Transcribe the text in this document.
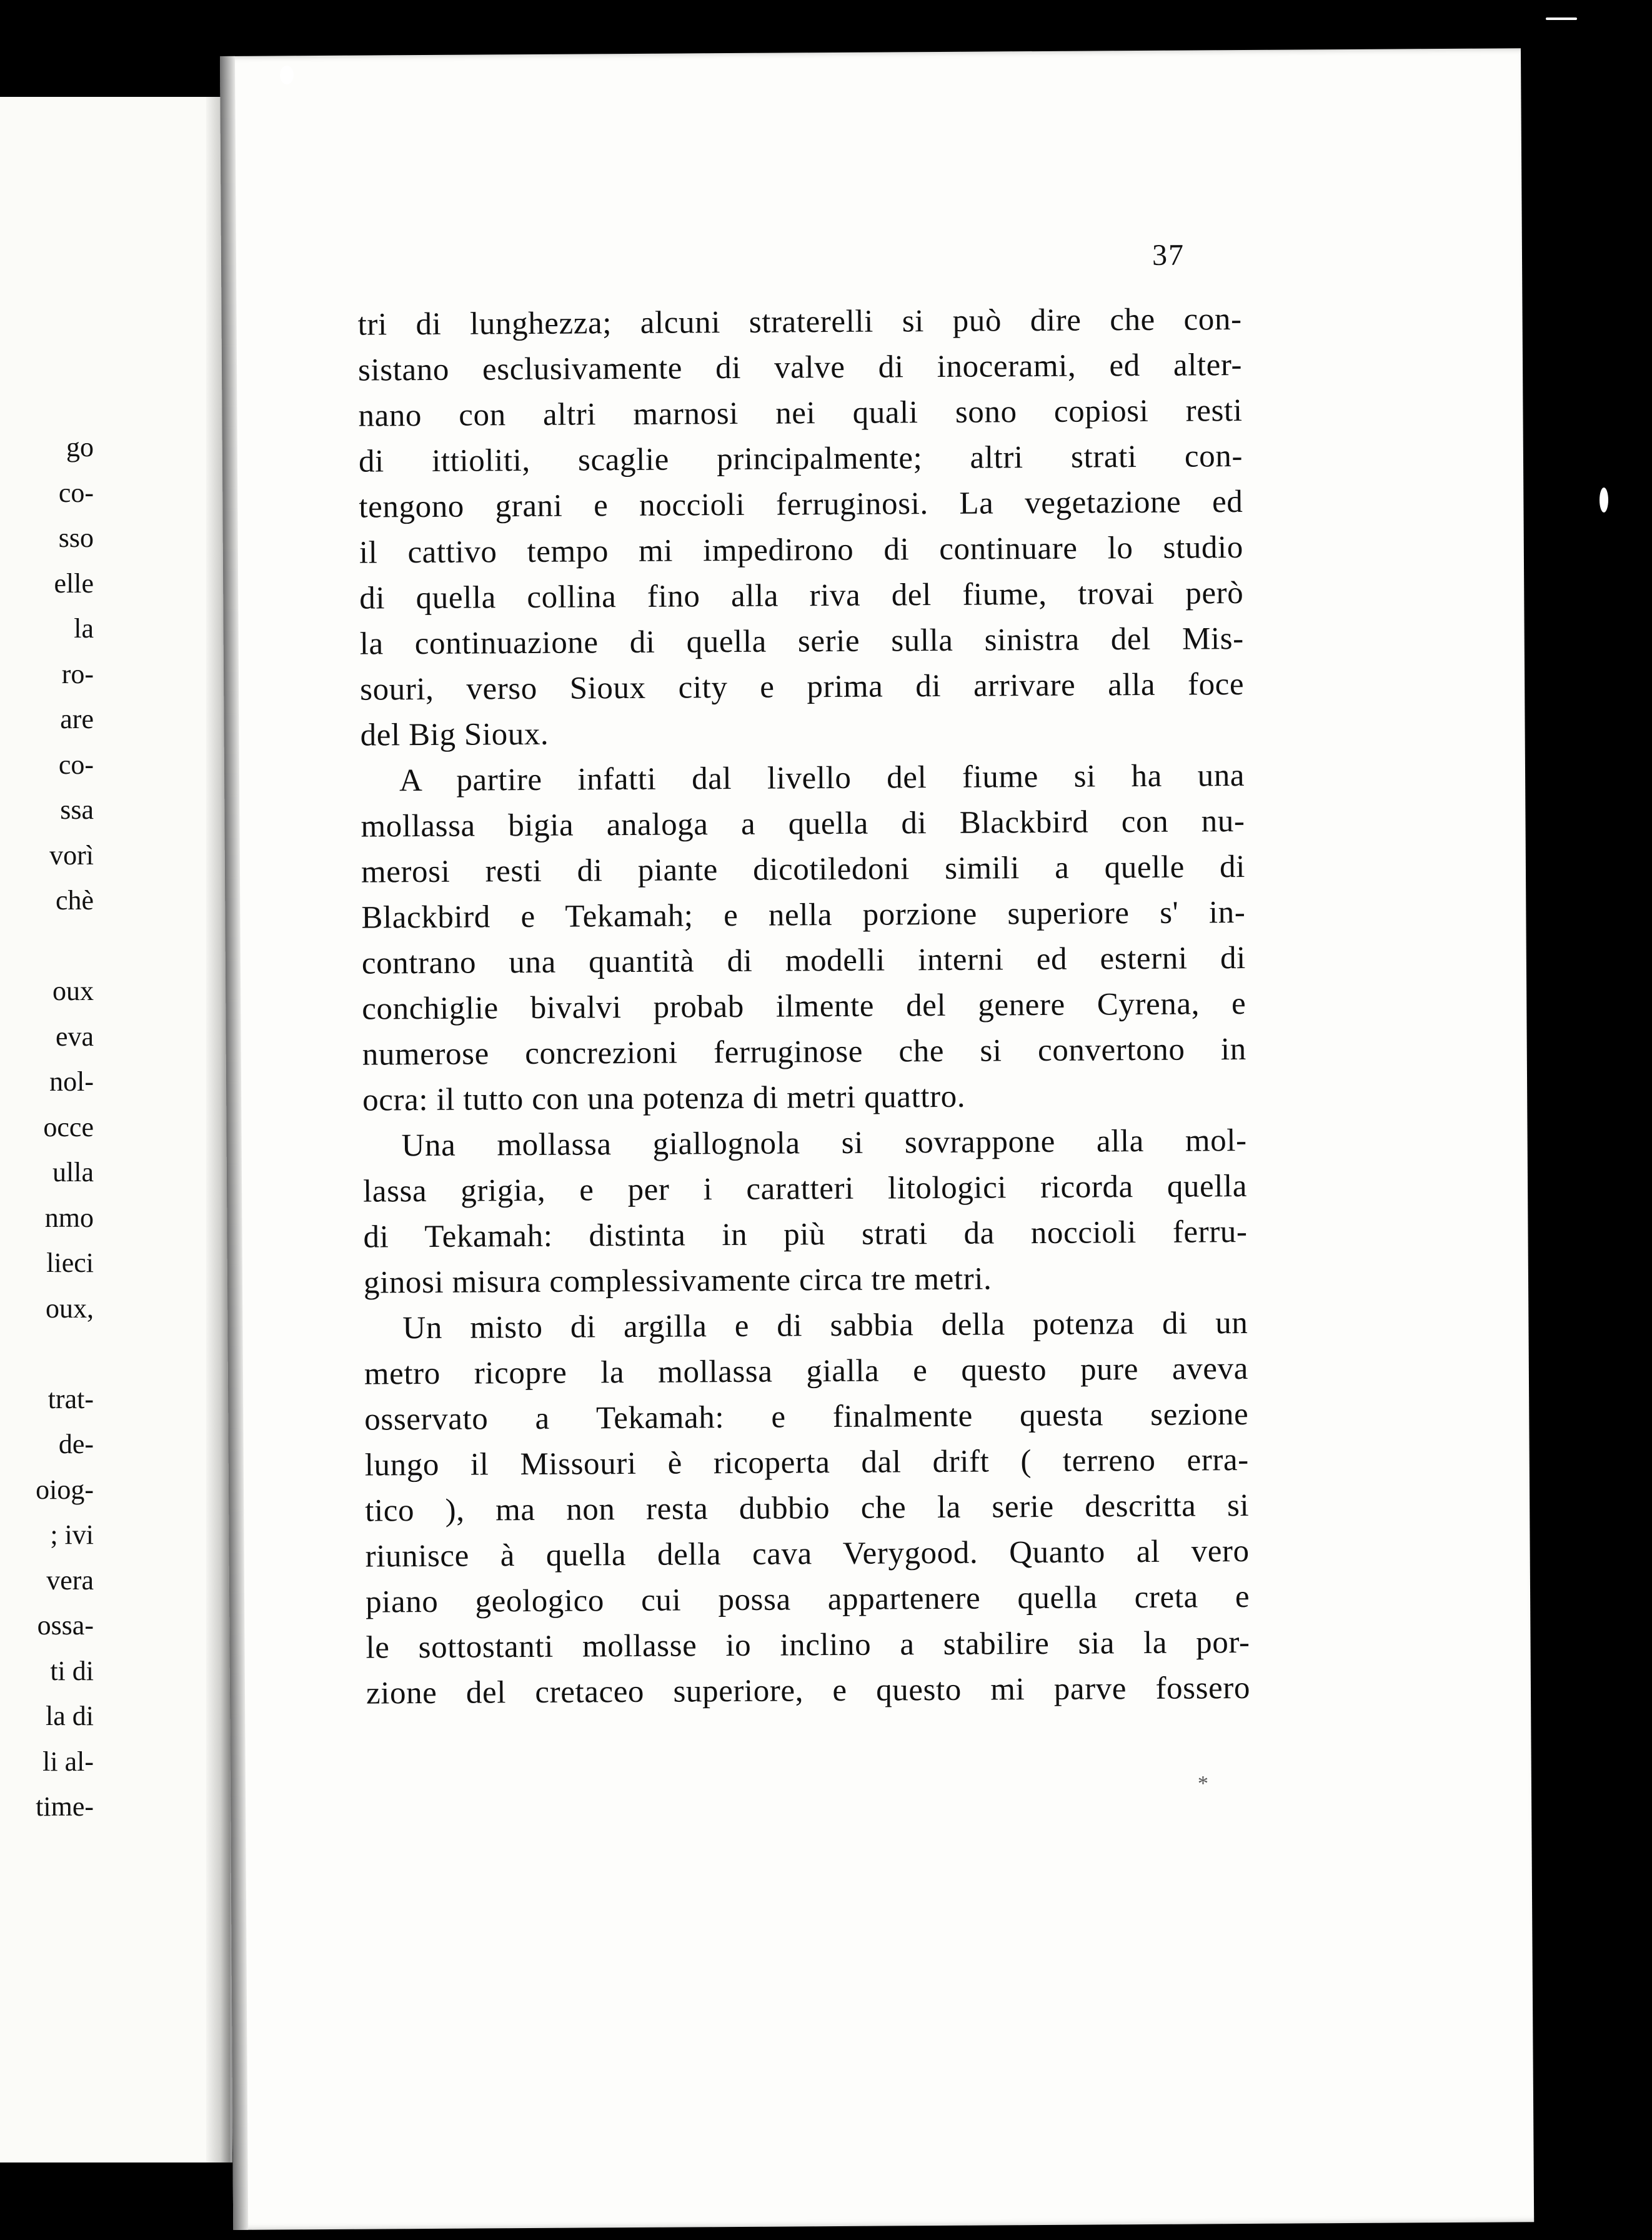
go
co-
sso
elle
la
ro-
are
co-
ssa
vorì
chè
oux
eva
nol-
occe
ulla
nmo
lieci
oux,
trat-
de-
oiog-
; ivi
vera
ossa-
ti di
la di
li al-
time-
37
tri di lunghezza; alcuni straterelli si può dire che con-
sistano esclusivamente di valve di inocerami, ed alter-
nano con altri marnosi nei quali sono copiosi resti
di ittioliti, scaglie principalmente; altri strati con-
tengono grani e noccioli ferruginosi. La vegetazione ed
il cattivo tempo mi impedirono di continuare lo studio
di quella collina fino alla riva del fiume, trovai però
la continuazione di quella serie sulla sinistra del Mis-
souri, verso Sioux city e prima di arrivare alla foce
del Big Sioux.
A partire infatti dal livello del fiume si ha una
mollassa bigia analoga a quella di Blackbird con nu-
merosi resti di piante dicotiledoni simili a quelle di
Blackbird e Tekamah; e nella porzione superiore s' in-
contrano una quantità di modelli interni ed esterni di
conchiglie bivalvi probab ilmente del genere Cyrena, e
numerose concrezioni ferruginose che si convertono in
ocra: il tutto con una potenza di metri quattro.
Una mollassa giallognola si sovrappone alla mol-
lassa grigia, e per i caratteri litologici ricorda quella
di Tekamah: distinta in più strati da noccioli ferru-
ginosi misura complessivamente circa tre metri.
Un misto di argilla e di sabbia della potenza di un
metro ricopre la mollassa gialla e questo pure aveva
osservato a Tekamah: e finalmente questa sezione
lungo il Missouri è ricoperta dal drift ( terreno erra-
tico ), ma non resta dubbio che la serie descritta si
riunisce à quella della cava Verygood. Quanto al vero
piano geologico cui possa appartenere quella creta e
le sottostanti mollasse io inclino a stabilire sia la por-
zione del cretaceo superiore, e questo mi parve fossero
*
